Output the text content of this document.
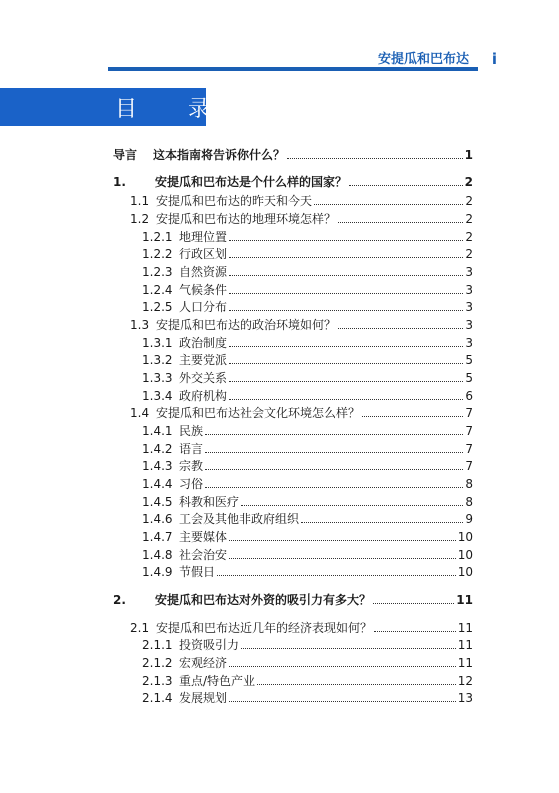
安提瓜和巴布达 i
目 录
导言	这本指南将告诉你什么？	1
1.	安提瓜和巴布达是个什么样的国家？	2
1.1 安提瓜和巴布达的昨天和今天	2
1.2 安提瓜和巴布达的地理环境怎样？	2
1.2.1 地理位置	2
1.2.2 行政区划	2
1.2.3 自然资源	3
1.2.4 气候条件	3
1.2.5 人口分布	3
1.3 安提瓜和巴布达的政治环境如何？	3
1.3.1 政治制度	3
1.3.2 主要党派	5
1.3.3 外交关系	5
1.3.4 政府机构	6
1.4 安提瓜和巴布达社会文化环境怎么样？	7
1.4.1 民族	7
1.4.2 语言	7
1.4.3 宗教	7
1.4.4 习俗	8
1.4.5 科教和医疗	8
1.4.6 工会及其他非政府组织	9
1.4.7 主要媒体	10
1.4.8 社会治安	10
1.4.9 节假日	10
2.	安提瓜和巴布达对外资的吸引力有多大？	11
2.1 安提瓜和巴布达近几年的经济表现如何？	11
2.1.1 投资吸引力	11
2.1.2 宏观经济	11
2.1.3 重点/特色产业	12
2.1.4 发展规划	13
